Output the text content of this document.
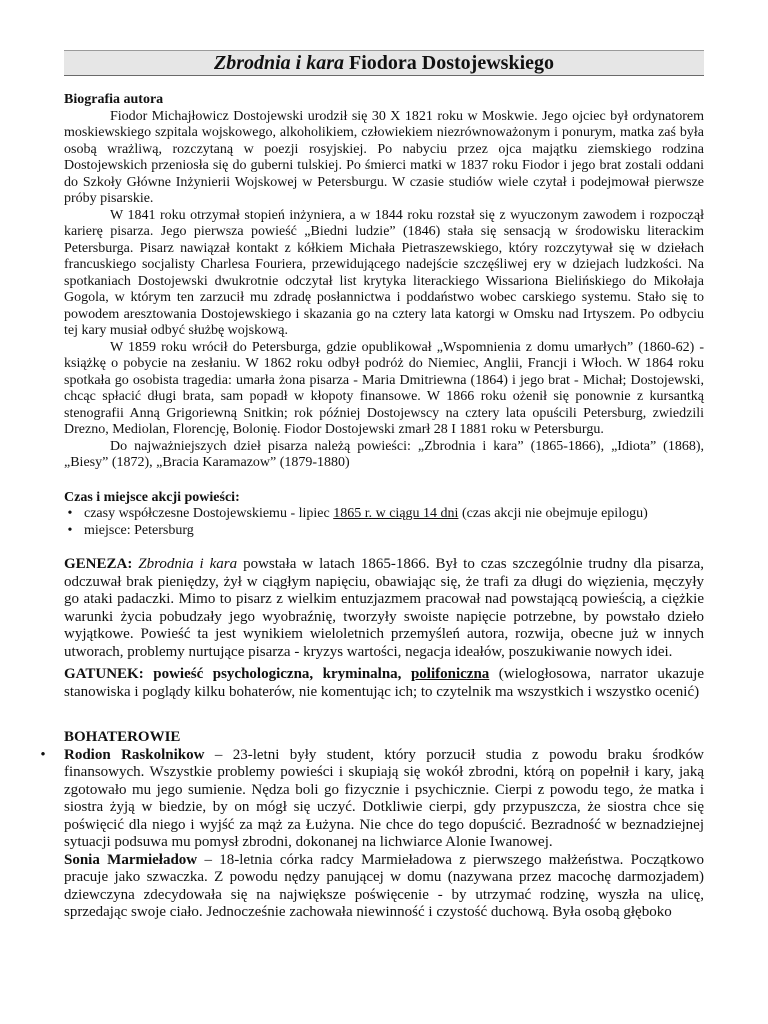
Zbrodnia i kara Fiodora Dostojewskiego

Biografia autora

Fiodor Michajłowicz Dostojewski urodził się 30 X 1821 roku w Moskwie. Jego ojciec był ordynatorem moskiewskiego szpitala wojskowego, alkoholikiem, człowiekiem niezrównoważonym i ponurym, matka zaś była osobą wrażliwą, rozczytaną w poezji rosyjskiej. Po nabyciu przez ojca majątku ziemskiego rodzina Dostojewskich przeniosła się do guberni tulskiej. Po śmierci matki w 1837 roku Fiodor i jego brat zostali oddani do Szkoły Główne Inżynierii Wojskowej w Petersburgu. W czasie studiów wiele czytał i podejmował pierwsze próby pisarskie.

W 1841 roku otrzymał stopień inżyniera, a w 1844 roku rozstał się z wyuczonym zawodem i rozpoczął karierę pisarza. Jego pierwsza powieść „Biedni ludzie” (1846) stała się sensacją w środowisku literackim Petersburga. Pisarz nawiązał kontakt z kółkiem Michała Pietraszewskiego, który rozczytywał się w dziełach francuskiego socjalisty Charlesa Fouriera, przewidującego nadejście szczęśliwej ery w dziejach ludzkości. Na spotkaniach Dostojewski dwukrotnie odczytał list krytyka literackiego Wissariona Bielińskiego do Mikołaja Gogola, w którym ten zarzucił mu zdradę posłannictwa i poddaństwo wobec carskiego systemu. Stało się to powodem aresztowania Dostojewskiego i skazania go na cztery lata katorgi w Omsku nad Irtyszem. Po odbyciu tej kary musiał odbyć służbę wojskową.

W 1859 roku wrócił do Petersburga, gdzie opublikował „Wspomnienia z domu umarłych” (1860-62) - książkę o pobycie na zesłaniu. W 1862 roku odbył podróż do Niemiec, Anglii, Francji i Włoch. W 1864 roku spotkała go osobista tragedia: umarła żona pisarza - Maria Dmitriewna (1864) i jego brat - Michał; Dostojewski, chcąc spłacić długi brata, sam popadł w kłopoty finansowe. W 1866 roku ożenił się ponownie z kursantką stenografii Anną Grigoriewną Snitkin; rok później Dostojewscy na cztery lata opuścili Petersburg, zwiedzili Drezno, Mediolan, Florencję, Bolonię. Fiodor Dostojewski zmarł 28 I 1881 roku w Petersburgu.

Do najważniejszych dzieł pisarza należą powieści: „Zbrodnia i kara” (1865-1866), „Idiota” (1868), „Biesy” (1872), „Bracia Karamazow” (1879-1880)

Czas i miejsce akcji powieści:

• czasy współczesne Dostojewskiemu - lipiec 1865 r. w ciągu 14 dni (czas akcji nie obejmuje epilogu)
• miejsce: Petersburg

GENEZA: Zbrodnia i kara powstała w latach 1865-1866. Był to czas szczególnie trudny dla pisarza, odczuwał brak pieniędzy, żył w ciągłym napięciu, obawiając się, że trafi za długi do więzienia, męczyły go ataki padaczki. Mimo to pisarz z wielkim entuzjazmem pracował nad powstającą powieścią, a ciężkie warunki życia pobudzały jego wyobraźnię, tworzyły swoiste napięcie potrzebne, by powstało dzieło wyjątkowe. Powieść ta jest wynikiem wieloletnich przemyśleń autora, rozwija, obecne już w innych utworach, problemy nurtujące pisarza - kryzys wartości, negacja ideałów, poszukiwanie nowych idei.

GATUNEK: powieść psychologiczna, kryminalna, polifoniczna (wielogłosowa, narrator ukazuje stanowiska i poglądy kilku bohaterów, nie komentując ich; to czytelnik ma wszystkich i wszystko ocenić)

BOHATEROWIE

• Rodion Raskolnikow – 23-letni były student, który porzucił studia z powodu braku środków finansowych. Wszystkie problemy powieści i skupiają się wokół zbrodni, którą on popełnił i kary, jaką zgotowało mu jego sumienie. Nędza boli go fizycznie i psychicznie. Cierpi z powodu tego, że matka i siostra żyją w biedzie, by on mógł się uczyć. Dotkliwie cierpi, gdy przypuszcza, że siostra chce się poświęcić dla niego i wyjść za mąż za Łużyna. Nie chce do tego dopuścić. Bezradność w beznadziejnej sytuacji podsuwa mu pomysł zbrodni, dokonanej na lichwiarce Alonie Iwanowej.

Sonia Marmieładow – 18-letnia córka radcy Marmieładowa z pierwszego małżeństwa. Początkowo pracuje jako szwaczka. Z powodu nędzy panującej w domu (nazywana przez macochę darmozjadem) dziewczyna zdecydowała się na największe poświęcenie - by utrzymać rodzinę, wyszła na ulicę, sprzedając swoje ciało. Jednocześnie zachowała niewinność i czystość duchową. Była osobą głęboko
